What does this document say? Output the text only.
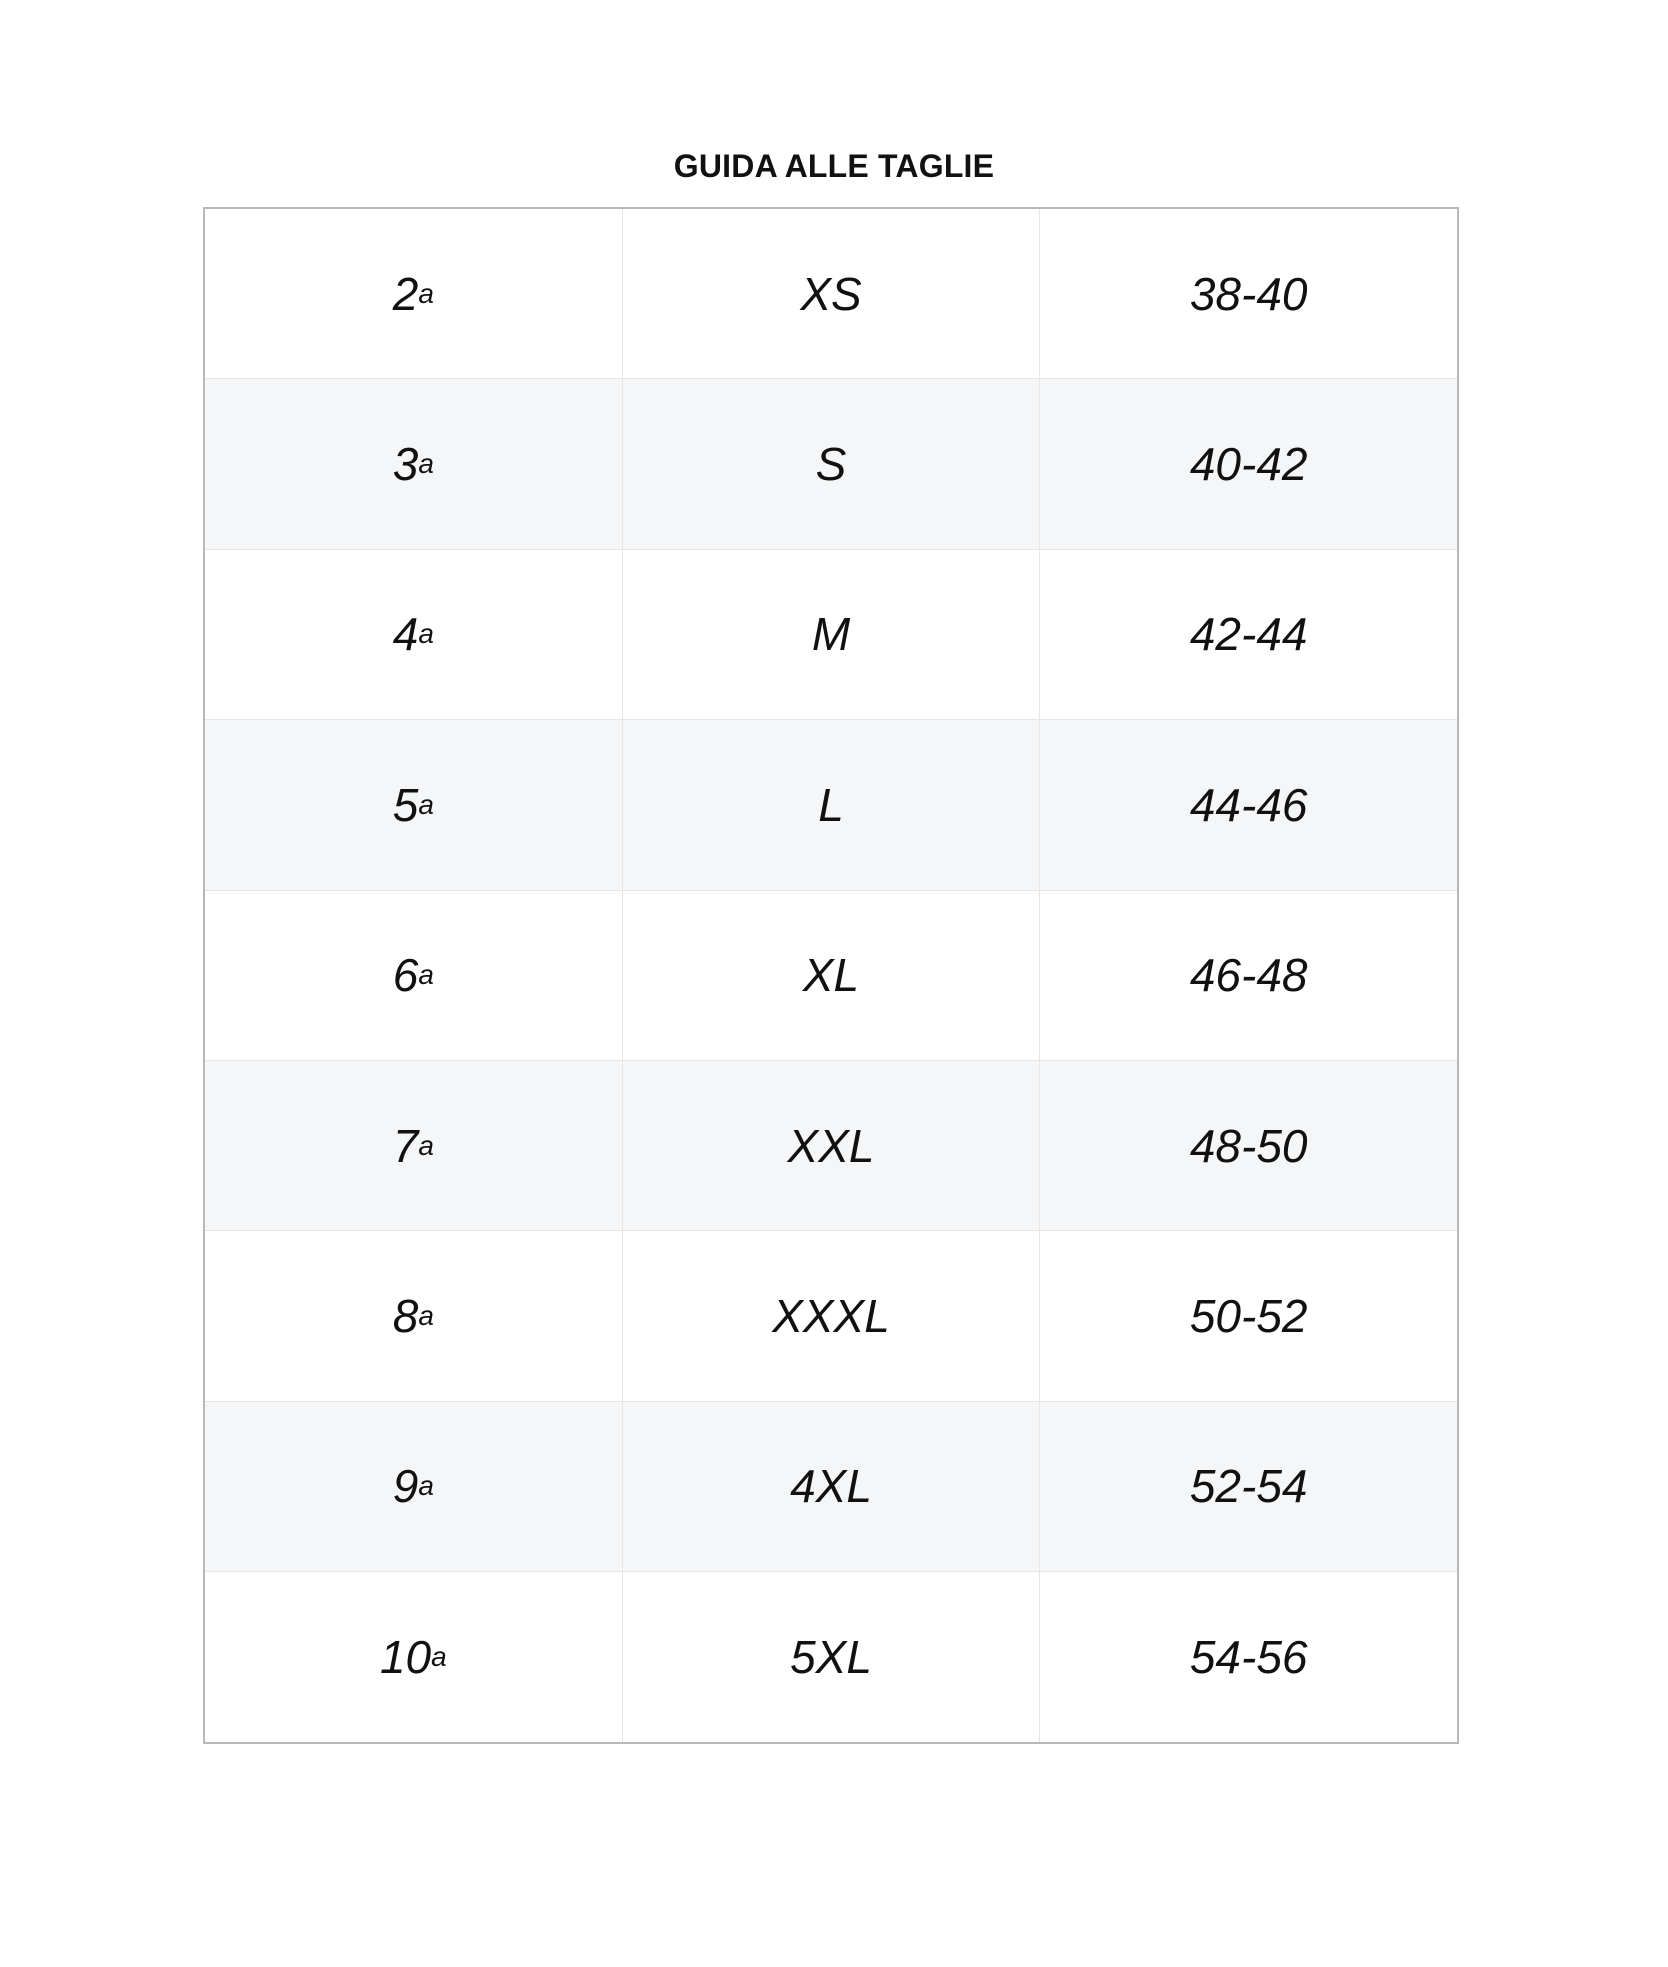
GUIDA ALLE TAGLIE
2 a	XS	38-40
3 a	S	40-42
4 a	M	42-44
5 a	L	44-46
6 a	XL	46-48
7 a	XXL	48-50
8 a	XXXL	50-52
9 a	4XL	52-54
10 a	5XL	54-56
